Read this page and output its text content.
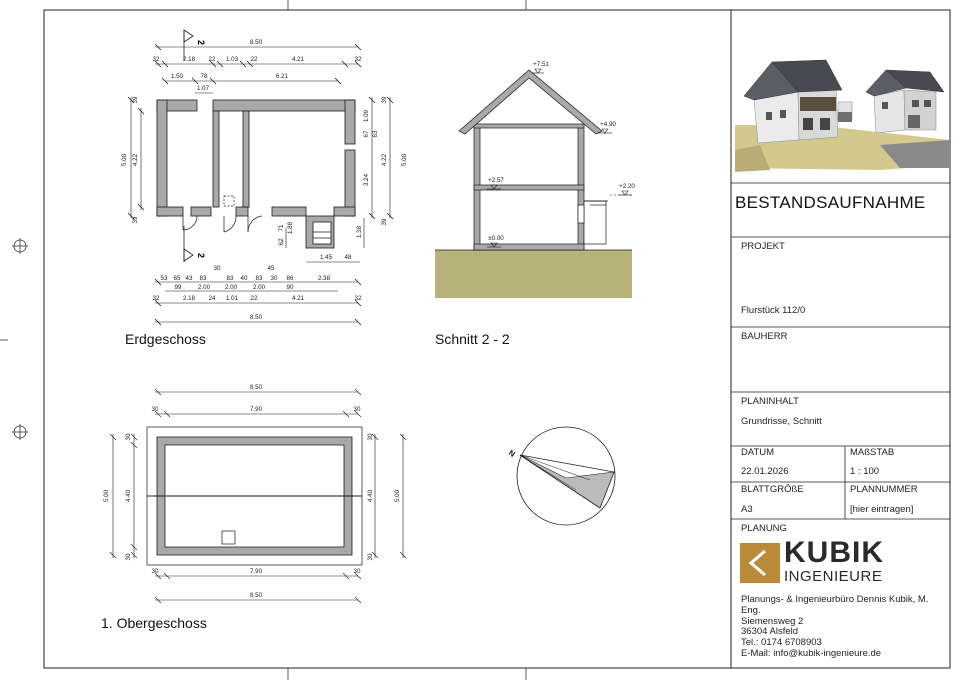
2
2
8.50
32	2.18 22 1.03 22	4.21	32
1.50	78	6.21
1.07
5.00 4.22
39
39
4.22 5.00
39
39
1.09
67 63
3.24
1.88
71
62
1.38
1.45 48
45
53 65 43 83
30
83 40 83 30 86	2.38
99	2.00 2.00	2.00	90
32	2.18 24 1.01 22	4.21	32
8.50
+7.51
+4.90
+2.57
±0.00
+2.20
8.50
7.90
30	30
5.00 4.40
30
30
4.40	5.00
30
30
7.90
30	30
8.50
N
Erdgeschoss	Schnitt 2 - 2
1. Obergeschoss
BESTANDSAUFNAHME
PROJEKT
Flurstück 112/0
BAUHERR
PLANINHALT
Grundrisse, Schnitt
DATUM
22.01.2026
MAßSTAB
1 : 100
BLATTGRÖßE
A3
PLANNUMMER
[hier eintragen]
PLANUNG
KUBIK
INGENIEURE
Planungs- & Ingenieurbüro Dennis Kubik, M.
Eng.
Siemensweg 2
36304 Alsfeld
Tel.: 0174 6708903
E-Mail: info@kubik-ingenieure.de
